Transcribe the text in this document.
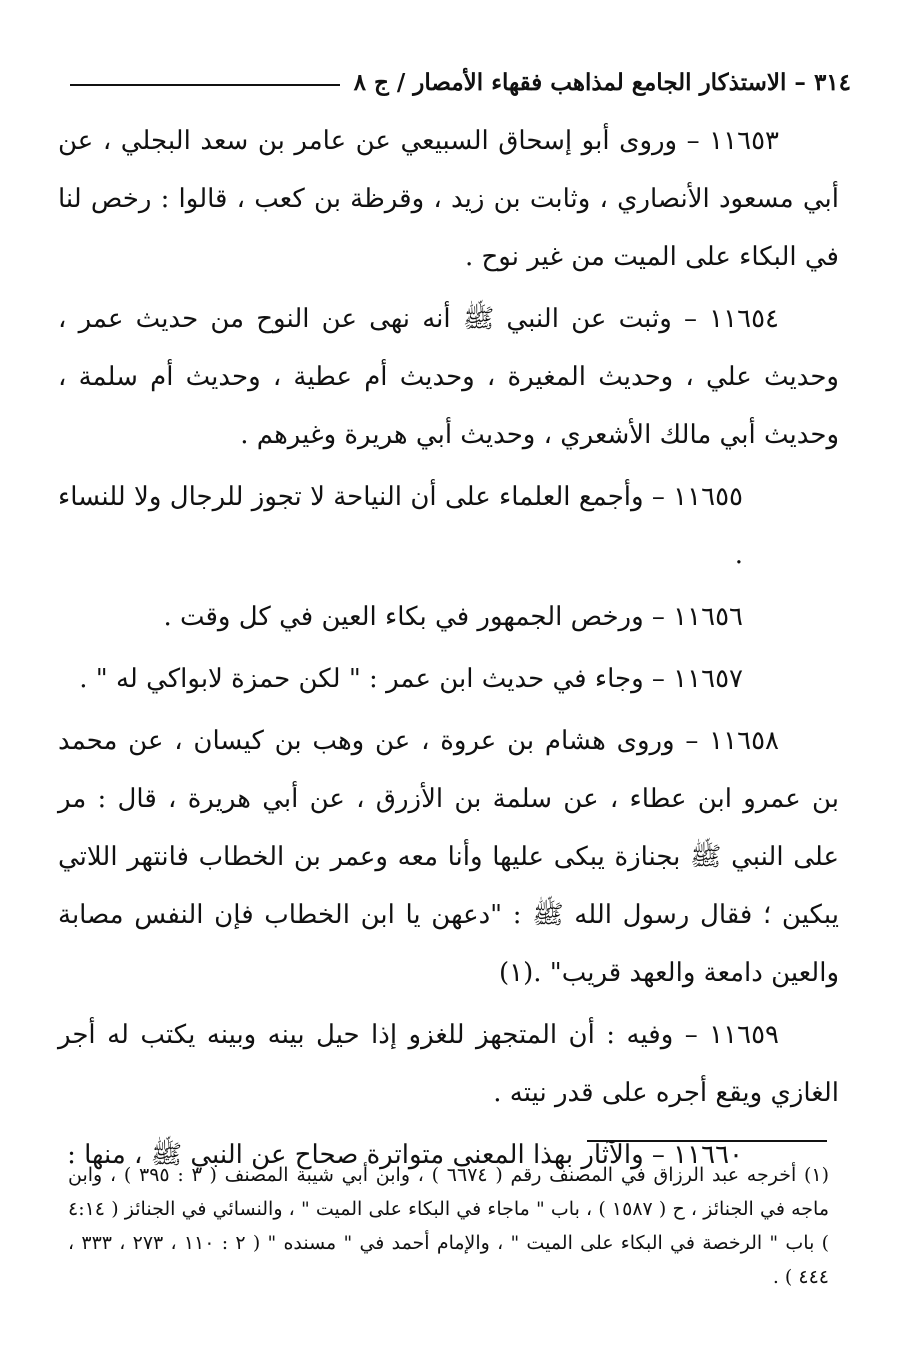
٣١٤ – الاستذكار الجامع لمذاهب فقهاء الأمصار / ج ٨

١١٦٥٣ – وروى أبو إسحاق السبيعي عن عامر بن سعد البجلي ، عن أبي مسعود الأنصاري ، وثابت بن زيد ، وقرظة بن كعب ، قالوا : رخص لنا في البكاء على الميت من غير نوح .

١١٦٥٤ – وثبت عن النبي ﷺ أنه نهى عن النوح من حديث عمر ، وحديث علي ، وحديث المغيرة ، وحديث أم عطية ، وحديث أم سلمة ، وحديث أبي مالك الأشعري ، وحديث أبي هريرة وغيرهم .

١١٦٥٥ – وأجمع العلماء على أن النياحة لا تجوز للرجال ولا للنساء .

١١٦٥٦ – ورخص الجمهور في بكاء العين في كل وقت .

١١٦٥٧ – وجاء في حديث ابن عمر : " لكن حمزة لابواكي له " .

١١٦٥٨ – وروى هشام بن عروة ، عن وهب بن كيسان ، عن محمد بن عمرو ابن عطاء ، عن سلمة بن الأزرق ، عن أبي هريرة ، قال : مر على النبي ﷺ بجنازة يبكى عليها وأنا معه وعمر بن الخطاب فانتهر اللاتي يبكين ؛ فقال رسول الله ﷺ : "دعهن يا ابن الخطاب فإن النفس مصابة والعين دامعة والعهد قريب" .(١)

١١٦٥٩ – وفيه : أن المتجهز للغزو إذا حيل بينه وبينه يكتب له أجر الغازي ويقع أجره على قدر نيته .

١١٦٦٠ – والآثار بهذا المعنى متواترة صحاح عن النبي ﷺ ، منها :

(١) أخرجه عبد الرزاق في المصنف رقم ( ٦٦٧٤ ) ، وابن أبي شيبة المصنف ( ٣ : ٣٩٥ ) ، وابن ماجه في الجنائز ، ح ( ١٥٨٧ ) ، باب " ماجاء في البكاء على الميت " ، والنسائي في الجنائز ( ٤:١٤ ) باب " الرخصة في البكاء على الميت " ، والإمام أحمد في " مسنده " ( ٢ : ١١٠ ، ٢٧٣ ، ٣٣٣ ، ٤٤٤ ) .
